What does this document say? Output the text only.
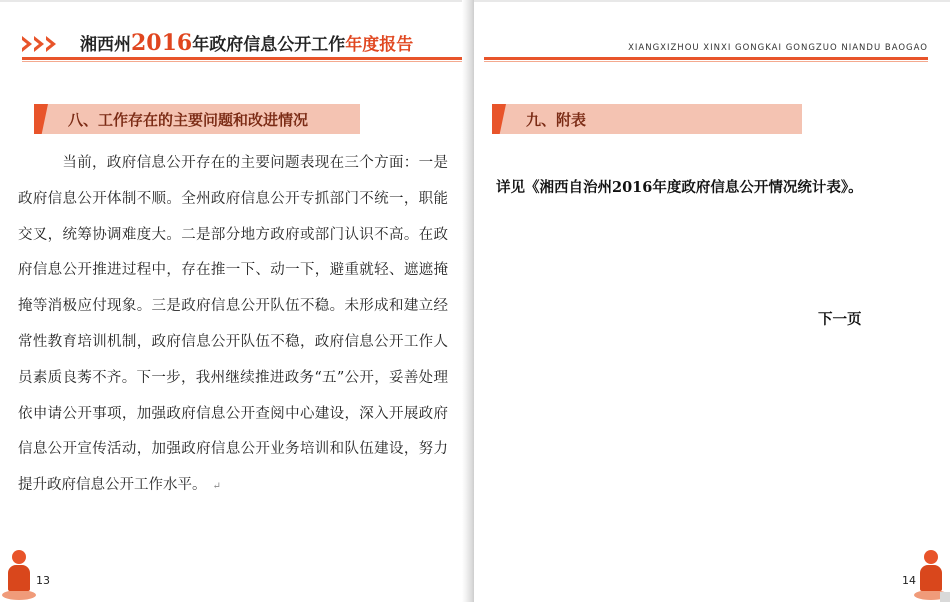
湘西州2016年政府信息公开工作年度报告
八、工作存在的主要问题和改进情况
当前，政府信息公开存在的主要问题表现在三个方面：一是政府信息公开体制不顺。全州政府信息公开专抓部门不统一，职能交叉，统筹协调难度大。二是部分地方政府或部门认识不高。在政府信息公开推进过程中，存在推一下、动一下，避重就轻、遮遮掩掩等消极应付现象。三是政府信息公开队伍不稳。未形成和建立经常性教育培训机制，政府信息公开队伍不稳，政府信息公开工作人员素质良莠不齐。下一步，我州继续推进政务“五”公开，妥善处理依申请公开事项，加强政府信息公开查阅中心建设，深入开展政府信息公开宣传活动，加强政府信息公开业务培训和队伍建设，努力提升政府信息公开工作水平。 ↵
13
XIANGXIZHOU XINXI GONGKAI GONGZUO NIANDU BAOGAO
九、附表
详见《湘西自治州2016年度政府信息公开情况统计表》。
下一页
14
